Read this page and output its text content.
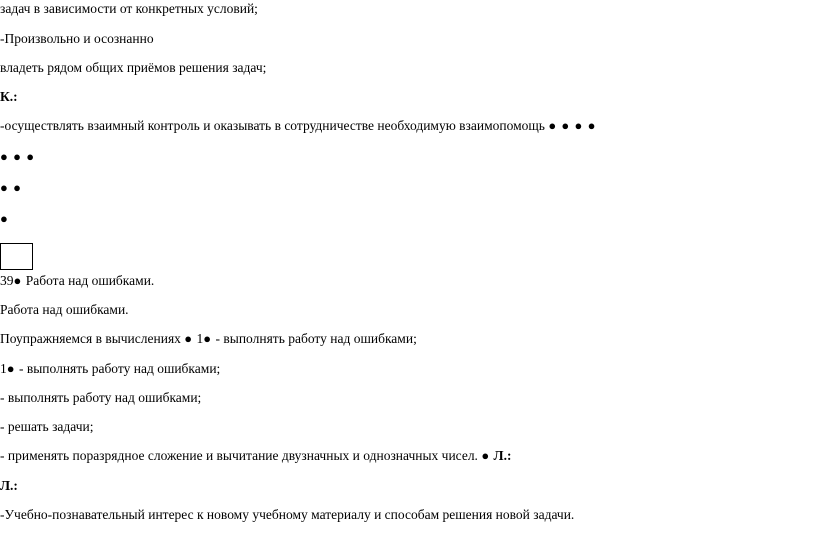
задач в зависимости от конкретных условий;
-Произвольно и осознанно
владеть рядом общих приёмов решения задач;
К.:
-осуществлять взаимный контроль и оказывать в сотрудничестве необходимую взаимопомощь ● ● ● ●
● ● ●
● ●
●
39● Работа над ошибками.
Работа над ошибками.
Поупражняемся в вычислениях ● 1● - выполнять работу над ошибками;
1● - выполнять работу над ошибками;
- выполнять работу над ошибками;
- решать задачи;
- применять поразрядное сложение и вычитание двузначных и однозначных чисел. ● Л.:
Л.:
-Учебно-познавательный интерес к новому учебному материалу и способам решения новой задачи.
